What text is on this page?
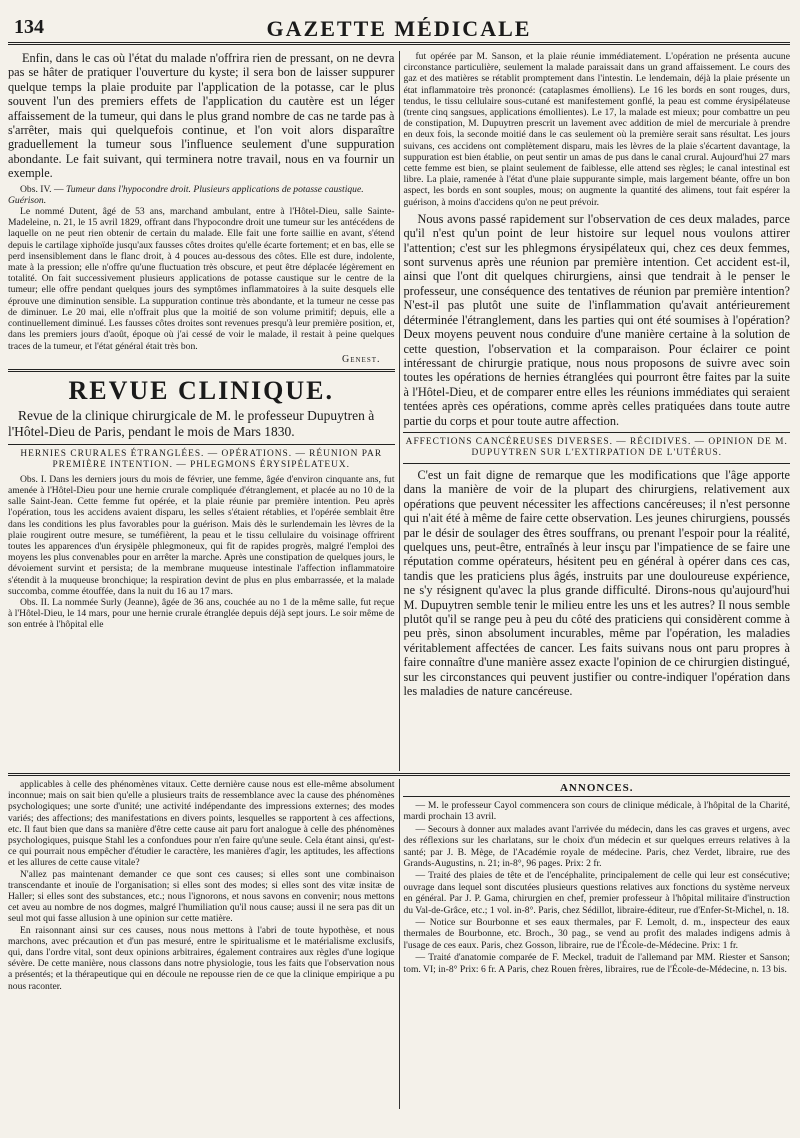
134	GAZETTE MÉDICALE

Enfin, dans le cas où l'état du malade n'offrira rien de pressant, on ne devra pas se hâter de pratiquer l'ouverture du kyste; il sera bon de laisser suppurer quelque temps la plaie produite par l'application de la potasse, car le plus souvent l'un des premiers effets de l'application du cautère est un léger affaissement de la tumeur, qui dans le plus grand nombre de cas ne tarde pas à s'arrêter, mais qui quelquefois continue, et l'on voit alors disparaître graduellement la tumeur sous l'influence seulement d'une suppuration abondante. Le fait suivant, qui terminera notre travail, nous en va fournir un exemple.

Obs. IV. — Tumeur dans l'hypocondre droit. Plusieurs applications de potasse caustique. Guérison.

Le nommé Dutent, âgé de 53 ans, marchand ambulant, entre à l'Hôtel-Dieu, salle Sainte-Madeleine, n. 21, le 15 avril 1829, offrant dans l'hypocondre droit une tumeur sur les antécédens de laquelle on ne peut rien obtenir de certain du malade. Elle fait une forte saillie en avant, s'étend depuis le cartilage xiphoïde jusqu'aux fausses côtes droites qu'elle écarte fortement; et en bas, elle se perd insensiblement dans le flanc droit, à 4 pouces au-dessous des côtes. Elle est dure, indolente, mate à la pression; elle n'offre qu'une fluctuation très obscure, et peut être déplacée légèrement en totalité. On fait successivement plusieurs applications de potasse caustique sur le centre de la tumeur; elle offre pendant quelques jours des symptômes inflammatoires à la suite desquels elle éprouve une diminution sensible. La suppuration continue très abondante, et la tumeur ne cesse pas de diminuer. Le 20 mai, elle n'offrait plus que la moitié de son volume primitif; depuis, elle a continuellement diminué. Les fausses côtes droites sont revenues presqu'à leur première position, et, dans les premiers jours d'août, époque où j'ai cessé de voir le malade, il restait à peine quelques traces de la tumeur, et l'état général était très bon.

Genest.
REVUE CLINIQUE.

Revue de la clinique chirurgicale de M. le professeur Dupuytren à l'Hôtel-Dieu de Paris, pendant le mois de Mars 1830.

HERNIES CRURALES ÉTRANGLÉES. — OPÉRATIONS. — RÉUNION PAR PREMIÈRE INTENTION. — PHLEGMONS ÉRYSIPÉLATEUX.

Obs. I. Dans les derniers jours du mois de février, une femme, âgée d'environ cinquante ans, fut amenée à l'Hôtel-Dieu pour une hernie crurale compliquée d'étranglement, et placée au no 10 de la salle Saint-Jean. Cette femme fut opérée, et la plaie réunie par première intention. Peu après l'opération, tous les accidens avaient disparu, les selles s'étaient rétablies, et l'opérée semblait être dans les conditions les plus favorables pour la guérison. Mais dès le surlendemain les lèvres de la plaie rougirent outre mesure, se tuméfièrent, la peau et le tissu cellulaire du voisinage offrirent toutes les apparences d'un érysipèle phlegmoneux, qui fit de rapides progrès, malgré l'emploi des moyens les plus convenables pour en arrêter la marche. Après une constipation de quelques jours, le dévoiement survint et persista; de la membrane muqueuse intestinale l'affection inflammatoire s'étendit à la muqueuse bronchique; la respiration devint de plus en plus embarrassée, et la malade succomba, comme étouffée, dans la nuit du 16 au 17 mars.

Obs. II. La nommée Surly (Jeanne), âgée de 36 ans, couchée au no 1 de la même salle, fut reçue à l'Hôtel-Dieu, le 14 mars, pour une hernie crurale étranglée depuis déjà sept jours. Le soir même de son entrée à l'hôpital elle

fut opérée par M. Sanson, et la plaie réunie immédiatement. L'opération ne présenta aucune circonstance particulière, seulement la malade paraissait dans un grand affaissement. Le cours des gaz et des matières se rétablit promptement dans l'intestin. Le lendemain, déjà la plaie présente un état inflammatoire très prononcé: (cataplasmes émolliens). Le 16 les bords en sont rouges, durs, tendus, le tissu cellulaire sous-cutané est manifestement gonflé, la peau est comme érysipélateuse (trente cinq sangsues, applications émollientes). Le 17, la malade est mieux; pour combattre un peu de constipation, M. Dupuytren prescrit un lavement avec addition de miel de mercuriale à prendre en deux fois, la seconde moitié dans le cas seulement où la première serait sans résultat. Les jours suivans, ces accidens ont complètement disparu, mais les lèvres de la plaie s'écartent davantage, la suppuration est bien établie, on peut sentir un amas de pus dans le canal crural. Aujourd'hui 27 mars cette femme est bien, se plaint seulement de faiblesse, elle attend ses règles; le canal intestinal est libre. La plaie, ramenée à l'état d'une plaie suppurante simple, mais largement béante, offre un bon aspect, les bords en sont souples, mous; on augmente la quantité des alimens, tout fait espérer la guérison, à moins d'accidens qu'on ne peut prévoir.

Nous avons passé rapidement sur l'observation de ces deux malades, parce qu'il n'est qu'un point de leur histoire sur lequel nous voulons attirer l'attention; c'est sur les phlegmons érysipélateux qui, chez ces deux femmes, sont survenus après une réunion par première intention. Cet accident est-il, ainsi que l'ont dit quelques chirurgiens, ainsi que tendrait à le penser le professeur, une conséquence des tentatives de réunion par première intention? N'est-il pas plutôt une suite de l'inflammation qu'avait antérieurement déterminée l'étranglement, dans les parties qui ont été soumises à l'opération? Deux moyens peuvent nous conduire d'une manière certaine à la solution de cette question, l'observation et la comparaison. Pour éclairer ce point intéressant de chirurgie pratique, nous nous proposons de suivre avec soin toutes les opérations de hernies étranglées qui pourront être faites par la suite à l'Hôtel-Dieu, et de comparer entre elles les réunions immédiates qui seraient tentées après ces opérations, comme après celles pratiquées dans toute autre partie du corps et pour toute autre affection.

AFFECTIONS CANCÉREUSES DIVERSES. — RÉCIDIVES. — OPINION DE M. DUPUYTREN SUR L'EXTIRPATION DE L'UTÉRUS.

C'est un fait digne de remarque que les modifications que l'âge apporte dans la manière de voir de la plupart des chirurgiens, relativement aux opérations que peuvent nécessiter les affections cancéreuses; il n'est personne qui n'ait été à même de faire cette observation. Les jeunes chirurgiens, poussés par le désir de soulager des êtres souffrans, ou prenant l'espoir pour la réalité, quelques uns, peut-être, entraînés à leur insçu par l'impatience de se faire une réputation comme opérateurs, hésitent peu en général à opérer dans ces cas, tandis que les praticiens plus âgés, instruits par une douloureuse expérience, ne s'y résignent qu'avec la plus grande difficulté. Dirons-nous qu'aujourd'hui M. Dupuytren semble tenir le milieu entre les uns et les autres? Il nous semble plutôt qu'il se range peu à peu du côté des praticiens qui considèrent comme à peu près, sinon absolument incurables, même par l'opération, les maladies véritablement affectées de cancer. Les faits suivans nous ont paru propres à faire connaître d'une manière assez exacte l'opinion de ce chirurgien distingué, sur les circonstances qui peuvent justifier ou contre-indiquer l'opération dans les maladies de nature cancéreuse.

applicables à celle des phénomènes vitaux. Cette dernière cause nous est elle-même absolument inconnue; mais on sait bien qu'elle a plusieurs traits de ressemblance avec la cause des phénomènes psychologiques; une sorte d'unité; une activité indépendante des impressions externes; des modes variés; des affections; des manifestations en divers points, lesquelles se rapportent à ces affections, etc. Il faut bien que dans sa manière d'être cette cause ait paru fort analogue à celle des phénomènes psychologiques, puisque Stahl les a confondues pour n'en faire qu'une seule. Cela étant ainsi, qu'est-ce qui pourrait nous empêcher d'étudier le caractère, les manières d'agir, les aptitudes, les affections et les allures de cette cause vitale?

N'allez pas maintenant demander ce que sont ces causes; si elles sont une combinaison transcendante et inouïe de l'organisation; si elles sont des modes; si elles sont des vitæ insitæ de Haller; si elles sont des substances, etc.; nous l'ignorons, et nous savons en convenir; nous mettons cet aveu au nombre de nos dogmes, malgré l'humiliation qu'il nous cause; aussi il ne sera pas dit un seul mot qui fasse allusion à une opinion sur cette matière.

En raisonnant ainsi sur ces causes, nous nous mettons à l'abri de toute hypothèse, et nous marchons, avec précaution et d'un pas mesuré, entre le spiritualisme et le matérialisme exclusifs, qui, dans l'ordre vital, sont deux opinions arbitraires, également contraires aux règles d'une logique sévère. De cette manière, nous classons dans notre physiologie, tous les faits que l'observation nous a présentés; et la thérapeutique qui en découle ne repousse rien de ce que la clinique empirique a pu nous raconter.

ANNONCES.

— M. le professeur Cayol commencera son cours de clinique médicale, à l'hôpital de la Charité, mardi prochain 13 avril.

— Secours à donner aux malades avant l'arrivée du médecin, dans les cas graves et urgens, avec des réflexions sur les charlatans, sur le choix d'un médecin et sur quelques erreurs relatives à la santé; par J. B. Mège, de l'Académie royale de médecine. Paris, chez Verdet, libraire, rue des Grands-Augustins, n. 21; in-8°, 96 pages. Prix: 2 fr.

— Traité des plaies de tête et de l'encéphalite, principalement de celle qui leur est consécutive; ouvrage dans lequel sont discutées plusieurs questions relatives aux fonctions du système nerveux en général. Par J. P. Gama, chirurgien en chef, premier professeur à l'hôpital militaire d'instruction du Val-de-Grâce, etc.; 1 vol. in-8°. Paris, chez Sédillot, libraire-éditeur, rue d'Enfer-St-Michel, n. 18.

— Notice sur Bourbonne et ses eaux thermales, par F. Lemolt, d. m., inspecteur des eaux thermales de Bourbonne, etc. Broch., 30 pag., se vend au profit des malades indigens admis à l'usage de ces eaux. Paris, chez Gosson, libraire, rue de l'École-de-Médecine. Prix: 1 fr.

— Traité d'anatomie comparée de F. Meckel, traduit de l'allemand par MM. Riester et Sanson; tom. VI; in-8° Prix: 6 fr. A Paris, chez Rouen frères, libraires, rue de l'École-de-Médecine, n. 13 bis.
